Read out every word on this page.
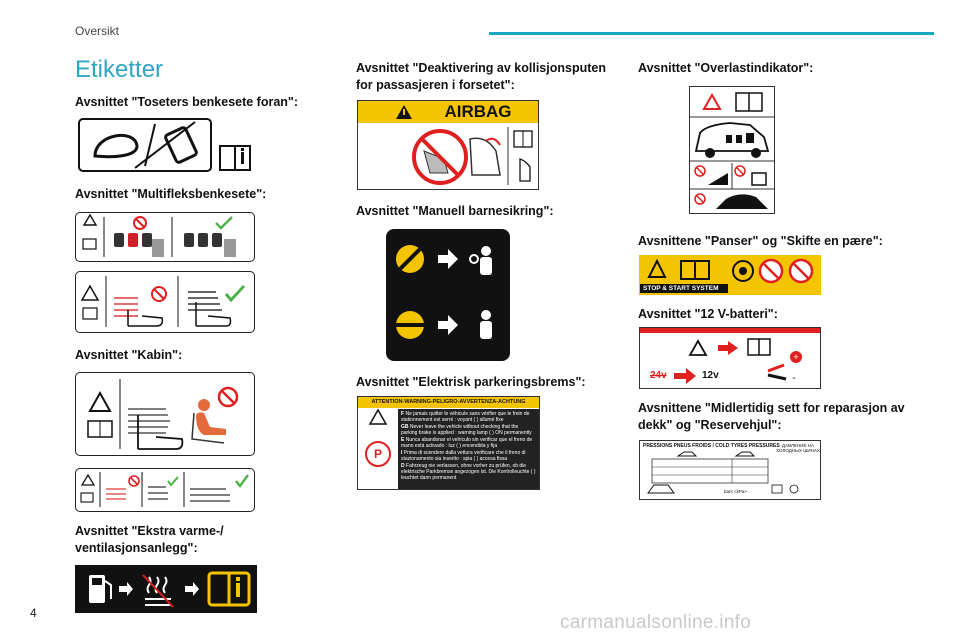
Oversikt
Etiketter
4
Avsnittet "Toseters benkesete foran":
Avsnittet "Multifleksbenkesete":
Avsnittet "Kabin":
Avsnittet "Ekstra varme-/ ventilasjonsanlegg":
Avsnittet "Deaktivering av kollisjonsputen for passasjeren i forsetet":
AIRBAG
Avsnittet "Manuell barnesikring":
Avsnittet "Elektrisk parkeringsbrems":
ATTENTION-WARNING-PELIGRO-AVVERTENZA-ACHTUNG
P
F Ne jamais quitter le véhicule sans vérifier que le frein de stationnement est serré : voyant ( ) allumé fixe
GB Never leave the vehicle without checking that the parking brake is applied : warning lamp ( ) ON permanently
E Nunca abandonar el vehículo sin verificar que el freno de mano está activado : luz ( ) encendida y fija
I Prima di scendere dalla vettura verificare che il freno di stazionamento sia inserito : spia ( ) accesa fissa
D Fahrzeug nie verlassen, ohne vorher zu prüfen, ob die elektrische Parkbremse angezogen ist. Die Kontrolleuchte ( ) leuchtet dann permanent
Avsnittet "Overlastindikator":
Avsnittene "Panser" og "Skifte en pære":
STOP & START SYSTEM
Avsnittet "12 V-batteri":
+
-
24v	12v
Avsnittene "Midlertidig sett for reparasjon av dekk" og "Reservehjul":
PRESSIONS PNEUS FROIDS / COLD TYRES PRESSURES ДАВЛЕНИЕ НА ХОЛОДНЫХ ШИНАХ
bars <kPa>
carmanualsonline.info
